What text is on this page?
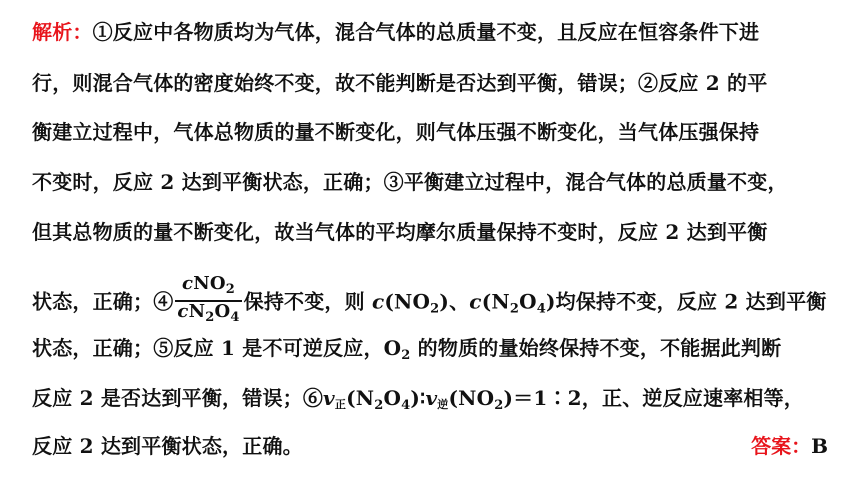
解析：①反应中各物质均为气体，混合气体的总质量不变，且反应在恒容条件下进
行，则混合气体的密度始终不变，故不能判断是否达到平衡，错误；②反应 2 的平
衡建立过程中，气体总物质的量不断变化，则气体压强不断变化，当气体压强保持
不变时，反应 2 达到平衡状态，正确；③平衡建立过程中，混合气体的总质量不变，
但其总物质的量不断变化，故当气体的平均摩尔质量保持不变时，反应 2 达到平衡
状态，正确；④ $\frac{cNO_2}{cN_2O_4}$ 保持不变，则 $c(NO_2)$、$c(N_2O_4)$均保持不变，反应 2 达到平衡
状态，正确；⑤反应 1 是不可逆反应，$O_2$ 的物质的量始终保持不变，不能据此判断
反应 2 是否达到平衡，错误；⑥v正$(N_2O_4)∶v$逆$(NO_2)=1∶2$，正、逆反应速率相等，
反应 2 达到平衡状态，正确。	答案：B
